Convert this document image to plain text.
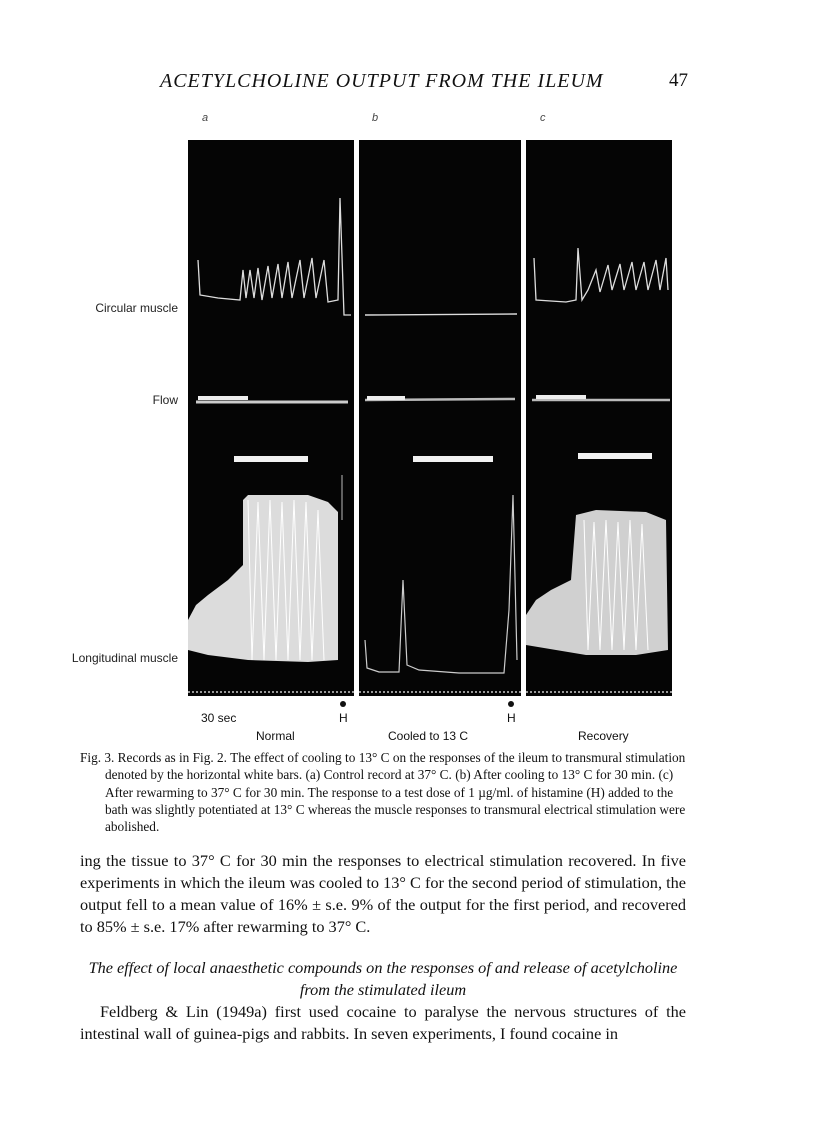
ACETYLCHOLINE OUTPUT FROM THE ILEUM	47
a	b	c
Circular muscle
Flow
Longitudinal muscle
30 sec	H	H
Normal	Cooled to 13 C	Recovery

Fig. 3. Records as in Fig. 2. The effect of cooling to 13° C on the responses of the ileum to transmural stimulation denoted by the horizontal white bars. (a) Control record at 37° C. (b) After cooling to 13° C for 30 min. (c) After rewarming to 37° C for 30 min. The response to a test dose of 1 µg/ml. of histamine (H) added to the bath was slightly potentiated at 13° C whereas the muscle responses to transmural electrical stimulation were abolished.

ing the tissue to 37° C for 30 min the responses to electrical stimulation recovered. In five experiments in which the ileum was cooled to 13° C for the second period of stimulation, the output fell to a mean value of 16% ± s.e. 9% of the output for the first period, and recovered to 85% ± s.e. 17% after rewarming to 37° C.
The effect of local anaesthetic compounds on the responses of and release of acetylcholine from the stimulated ileum
Feldberg & Lin (1949a) first used cocaine to paralyse the nervous structures of the intestinal wall of guinea-pigs and rabbits. In seven experiments, I found cocaine in
